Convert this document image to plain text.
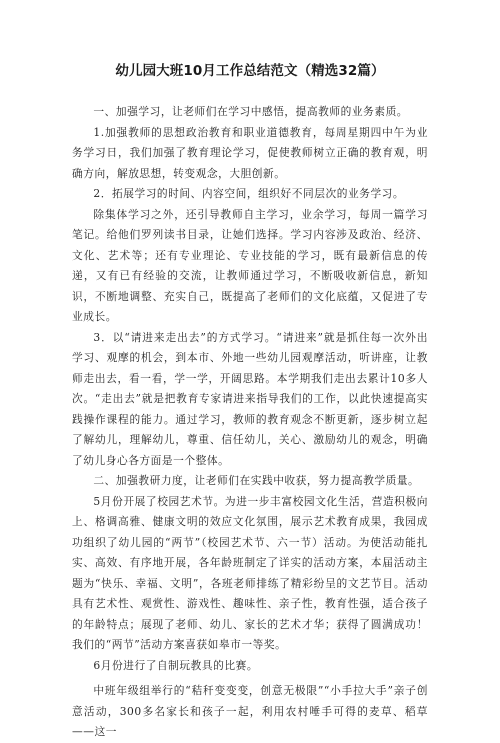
幼儿园大班10月工作总结范文（精选32篇）

一、加强学习，让老师们在学习中感悟，提高教师的业务素质。

1.加强教师的思想政治教育和职业道德教育，每周星期四中午为业务学习日，我们加强了教育理论学习，促使教师树立正确的教育观，明确方向，解放思想，转变观念，大胆创新。

2．拓展学习的时间、内容空间，组织好不同层次的业务学习。

除集体学习之外，还引导教师自主学习，业余学习，每周一篇学习笔记。给他们罗列读书目录，让她们选择。学习内容涉及政治、经济、文化、艺术等；还有专业理论、专业技能的学习，既有最新信息的传递，又有已有经验的交流，让教师通过学习，不断吸收新信息，新知识，不断地调整、充实自己，既提高了老师们的文化底蕴，又促进了专业成长。

3．以“请进来走出去”的方式学习。“请进来”就是抓住每一次外出学习、观摩的机会，到本市、外地一些幼儿园观摩活动，听讲座，让教师走出去，看一看，学一学，开阔思路。本学期我们走出去累计10多人次。“走出去”就是把教育专家请进来指导我们的工作，以此快速提高实践操作课程的能力。通过学习，教师的教育观念不断更新，逐步树立起了解幼儿，理解幼儿，尊重、信任幼儿，关心、激励幼儿的观念，明确了幼儿身心各方面是一个整体。

二、加强教研力度，让老师们在实践中收获，努力提高教学质量。

5月份开展了校园艺术节。为进一步丰富校园文化生活，营造积极向上、格调高雅、健康文明的效应文化氛围，展示艺术教育成果，我园成功组织了幼儿园的“两节”（校园艺术节、六一节）活动。为使活动能扎实、高效、有序地开展，各年龄班制定了详实的活动方案，本届活动主题为“快乐、幸福、文明”，各班老师排练了精彩纷呈的文艺节目。活动具有艺术性、观赏性、游戏性、趣味性、亲子性，教育性强，适合孩子的年龄特点；展现了老师、幼儿、家长的艺术才华；获得了圆满成功！我们的“两节”活动方案喜获如皋市一等奖。

6月份进行了自制玩教具的比赛。

中班年级组举行的“秸秆变变变，创意无极限”“小手拉大手”亲子创意活动，300多名家长和孩子一起，利用农村唾手可得的麦草、稻草——这一
